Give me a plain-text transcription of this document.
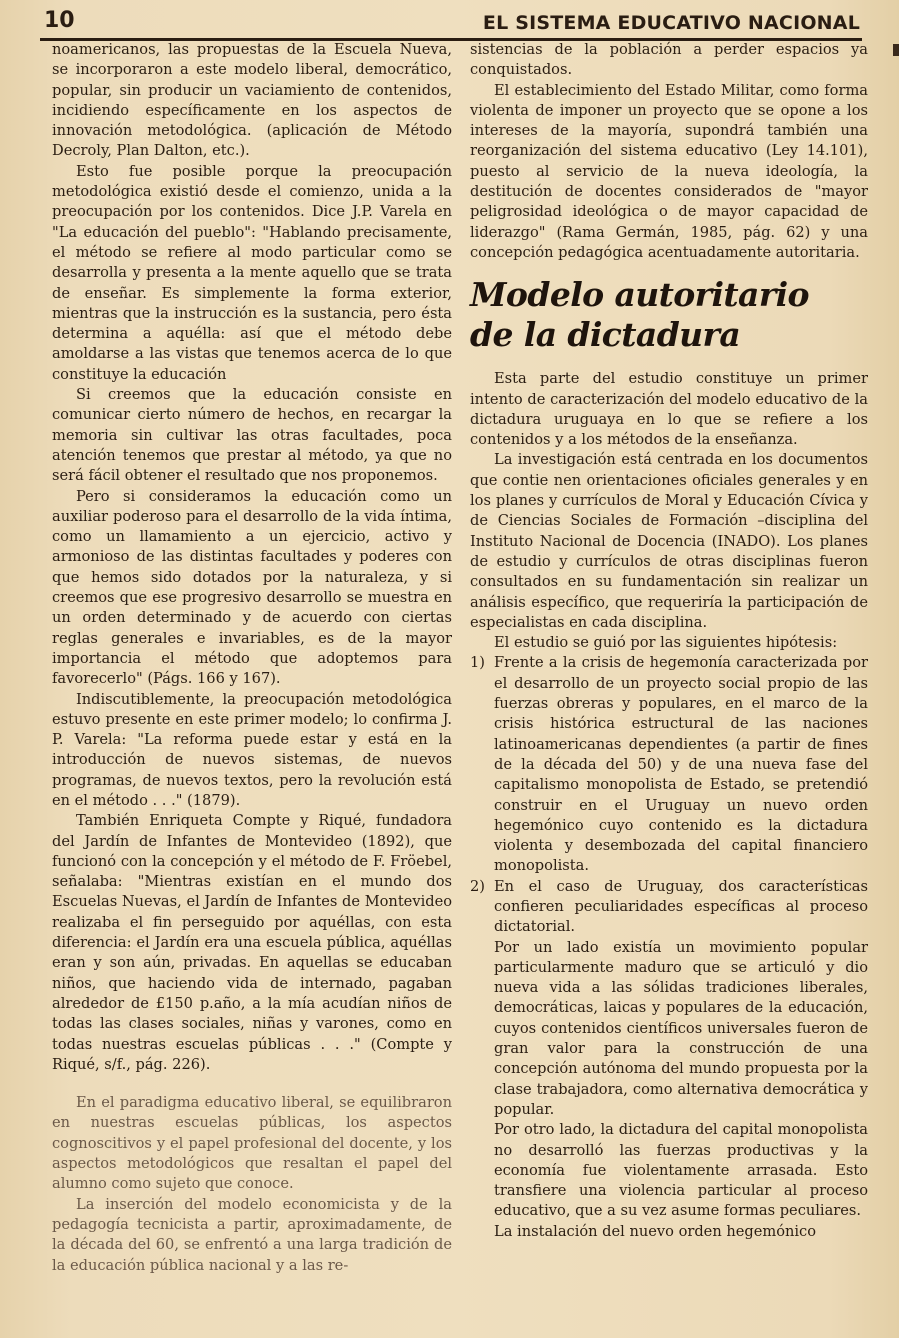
10	EL SISTEMA EDUCATIVO NACIONAL

noamericanos, las propuestas de la Escuela Nueva, se incorporaron a este modelo liberal, democrático, popular, sin producir un vaciamiento de contenidos, incidiendo específicamente en los aspectos de innovación metodológica. (aplicación de Método Decroly, Plan Dalton, etc.).

Esto fue posible porque la preocupación metodológica existió desde el comienzo, unida a la preocupación por los contenidos. Dice J.P. Varela en "La educación del pueblo": "Hablando precisamente, el método se refiere al modo particular como se desarrolla y presenta a la mente aquello que se trata de enseñar. Es simplemente la forma exterior, mientras que la instrucción es la sustancia, pero ésta determina a aquélla: así que el método debe amoldarse a las vistas que tenemos acerca de lo que constituye la educación

Si creemos que la educación consiste en comunicar cierto número de hechos, en recargar la memoria sin cultivar las otras facultades, poca atención tenemos que prestar al método, ya que no será fácil obtener el resultado que nos proponemos.

Pero si consideramos la educación como un auxiliar poderoso para el desarrollo de la vida íntima, como un llamamiento a un ejercicio, activo y armonioso de las distintas facultades y poderes con que hemos sido dotados por la naturaleza, y si creemos que ese progresivo desarrollo se muestra en un orden determinado y de acuerdo con ciertas reglas generales e invariables, es de la mayor importancia el método que adoptemos para favorecerlo" (Págs. 166 y 167).

Indiscutiblemente, la preocupación metodológica estuvo presente en este primer modelo; lo confirma J. P. Varela: "La reforma puede estar y está en la introducción de nuevos sistemas, de nuevos programas, de nuevos textos, pero la revolución está en el método . . ." (1879).

También Enriqueta Compte y Riqué, fundadora del Jardín de Infantes de Montevideo (1892), que funcionó con la concepción y el método de F. Fröebel, señalaba: "Mientras existían en el mundo dos Escuelas Nuevas, el Jardín de Infantes de Montevideo realizaba el fin perseguido por aquéllas, con esta diferencia: el Jardín era una escuela pública, aquéllas eran y son aún, privadas. En aquellas se educaban niños, que haciendo vida de internado, pagaban alrededor de £150 p.año, a la mía acudían niños de todas las clases sociales, niñas y varones, como en todas nuestras escuelas públicas . . ." (Compte y Riqué, s/f., pág. 226).

En el paradigma educativo liberal, se equilibraron en nuestras escuelas públicas, los aspectos cognoscitivos y el papel profesional del docente, y los aspectos metodológicos que resaltan el papel del alumno como sujeto que conoce.

La inserción del modelo economicista y de la pedagogía tecnicista a partir, aproximadamente, de la década del 60, se enfrentó a una larga tradición de la educación pública nacional y a las re-

sistencias de la población a perder espacios ya conquistados.

El establecimiento del Estado Militar, como forma violenta de imponer un proyecto que se opone a los intereses de la mayoría, supondrá también una reorganización del sistema educativo (Ley 14.101), puesto al servicio de la nueva ideología, la destitución de docentes considerados de "mayor peligrosidad ideológica o de mayor capacidad de liderazgo" (Rama Germán, 1985, pág. 62) y una concepción pedagógica acentuadamente autoritaria.

Modelo autoritario
de la dictadura

Esta parte del estudio constituye un primer intento de caracterización del modelo educativo de la dictadura uruguaya en lo que se refiere a los contenidos y a los métodos de la enseñanza.

La investigación está centrada en los documentos que contie nen orientaciones oficiales generales y en los planes y currículos de Moral y Educación Cívica y de Ciencias Sociales de Formación –disciplina del Instituto Nacional de Docencia (INADO). Los planes de estudio y currículos de otras disciplinas fueron consultados en su fundamentación sin realizar un análisis específico, que requeriría la participación de especialistas en cada disciplina.

El estudio se guió por las siguientes hipótesis:

1) Frente a la crisis de hegemonía caracterizada por el desarrollo de un proyecto social propio de las fuerzas obreras y populares, en el marco de la crisis histórica estructural de las naciones latinoamericanas dependientes (a partir de fines de la década del 50) y de una nueva fase del capitalismo monopolista de Estado, se pretendió construir en el Uruguay un nuevo orden hegemónico cuyo contenido es la dictadura violenta y desembozada del capital financiero monopolista.

2) En el caso de Uruguay, dos características confieren peculiaridades específicas al proceso dictatorial.

Por un lado existía un movimiento popular particularmente maduro que se articuló y dio nueva vida a las sólidas tradiciones liberales, democráticas, laicas y populares de la educación, cuyos contenidos científicos universales fueron de gran valor para la construcción de una concepción autónoma del mundo propuesta por la clase trabajadora, como alternativa democrática y popular.

Por otro lado, la dictadura del capital monopolista no desarrolló las fuerzas productivas y la economía fue violentamente arrasada. Esto transfiere una violencia particular al proceso educativo, que a su vez asume formas peculiares.

La instalación del nuevo orden hegemónico
